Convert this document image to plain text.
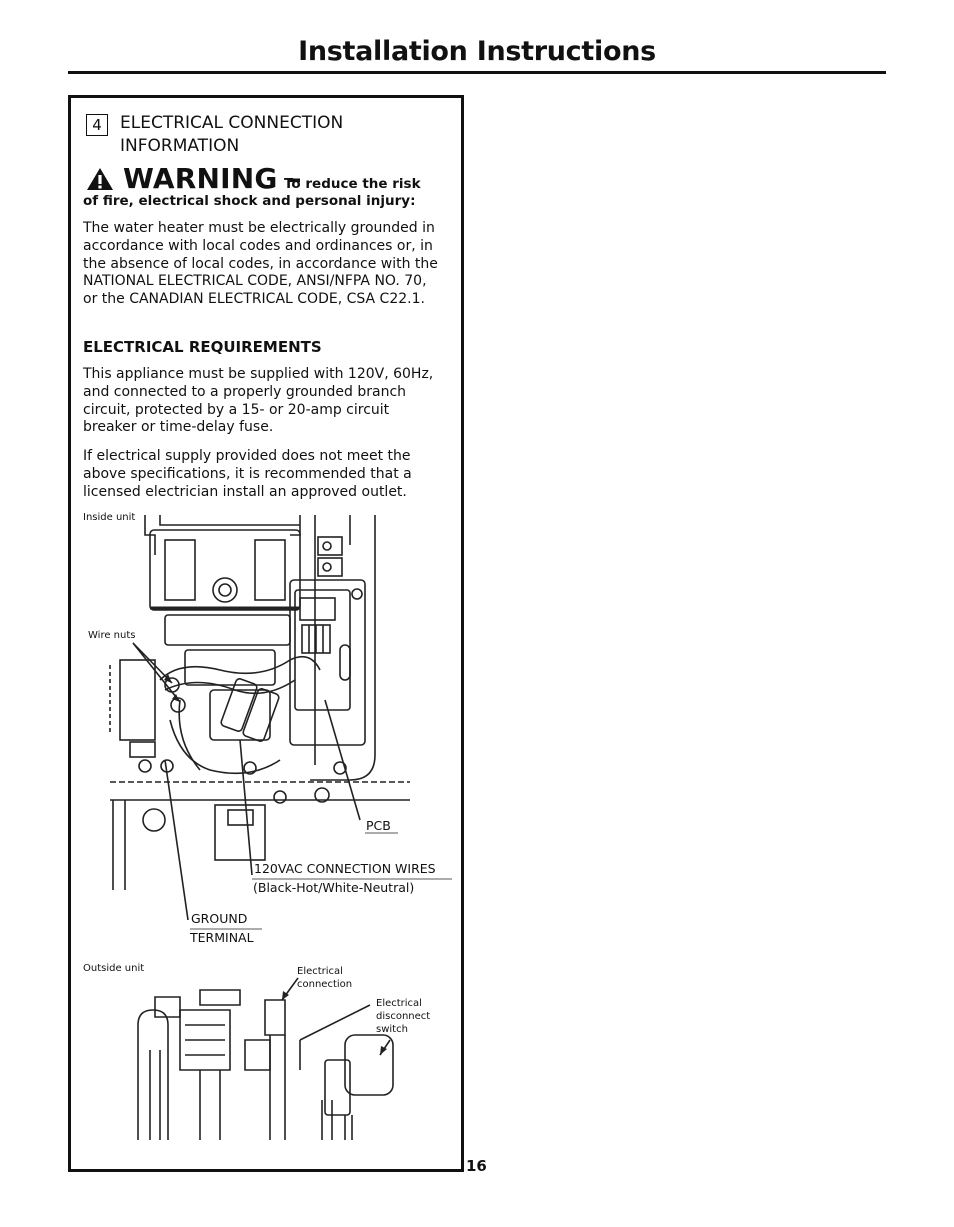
Installation Instructions
4	ELECTRICAL CONNECTION INFORMATION
WARNING –
To reduce the risk
of fire, electrical shock and personal injury:
The water heater must be electrically grounded in accordance with local codes and ordinances or, in the absence of local codes, in accordance with the NATIONAL ELECTRICAL CODE, ANSI/NFPA NO. 70, or the CANADIAN ELECTRICAL CODE, CSA C22.1.
ELECTRICAL REQUIREMENTS
This appliance must be supplied with 120V, 60Hz, and connected to a properly grounded branch circuit, protected by a 15- or 20-amp circuit breaker or time-delay fuse.
If electrical supply provided does not meet the above specifications, it is recommended that a licensed electrician install an approved outlet.
Inside unit
Wire nuts
PCB
120VAC CONNECTION WIRES
(Black-Hot/White-Neutral)
GROUND
TERMINAL
Outside unit	Electrical connection
Electrical disconnect switch
16
